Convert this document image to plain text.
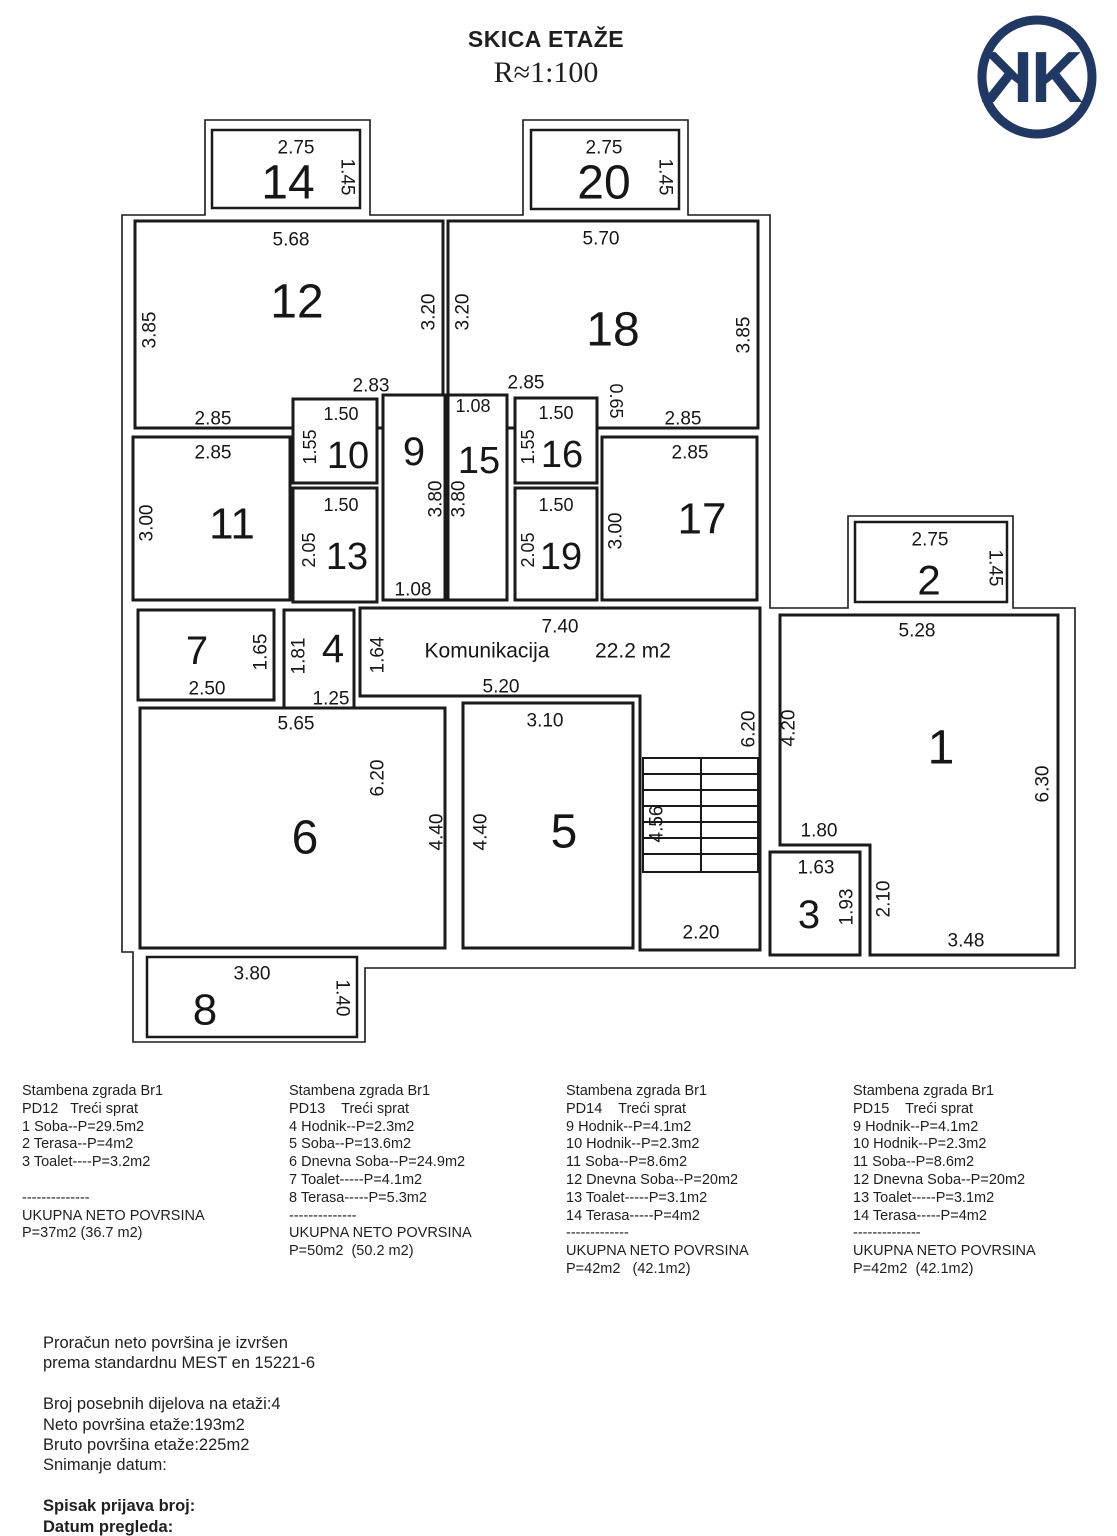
SKICA ETAŽE
R≈1:100
2.75
14 1.45
2.75
20 1.45
5.68
12
3.85	3.20
5.70
18
3.20
3.85
2.85
2.83	2.85
0.65
2.85
1.50
10
1.55 9
3.80
1.08
1.08
15
3.80
1.50
16
1.55
1.50
13
2.05
1.50
19
2.05
2.85
11
3.00
2.85
17
3.00
7 1.65
2.50
4
1.81
1.25
7.40
1.64 Komunikacija 22.2 m2
5.20
6.20
4.56
2.20
5.65
6.20
4.40
6
3.10
4.40 5
5.28
1
4.20
6.30
1.80
2.10
3.48
1.63
3 1.93
2.75
2 1.45
3.80
8	1.40
K
K
Stambena zgrada Br1
PD12   Treći sprat
1 Soba--P=29.5m2
2 Terasa--P=4m2
3 Toalet----P=3.2m2

--------------
UKUPNA NETO POVRSINA
P=37m2 (36.7 m2)
Stambena zgrada Br1
PD13    Treći sprat
4 Hodnik--P=2.3m2
5 Soba--P=13.6m2
6 Dnevna Soba--P=24.9m2
7 Toalet-----P=4.1m2
8 Terasa-----P=5.3m2
--------------
UKUPNA NETO POVRSINA
P=50m2  (50.2 m2)
Stambena zgrada Br1
PD14    Treći sprat
9 Hodnik--P=4.1m2
10 Hodnik--P=2.3m2
11 Soba--P=8.6m2
12 Dnevna Soba--P=20m2
13 Toalet-----P=3.1m2
14 Terasa-----P=4m2
-------------
UKUPNA NETO POVRSINA
P=42m2   (42.1m2)
Stambena zgrada Br1
PD15    Treći sprat
9 Hodnik--P=4.1m2
10 Hodnik--P=2.3m2
11 Soba--P=8.6m2
12 Dnevna Soba--P=20m2
13 Toalet-----P=3.1m2
14 Terasa-----P=4m2
--------------
UKUPNA NETO POVRSINA
P=42m2  (42.1m2)
Proračun neto površina je izvršen
prema standardnu MEST en 15221-6

Broj posebnih dijelova na etaži:4
Neto površina etaže:193m2
Bruto površina etaže:225m2
Snimanje datum:

Spisak prijava broj:
Datum pregleda:
